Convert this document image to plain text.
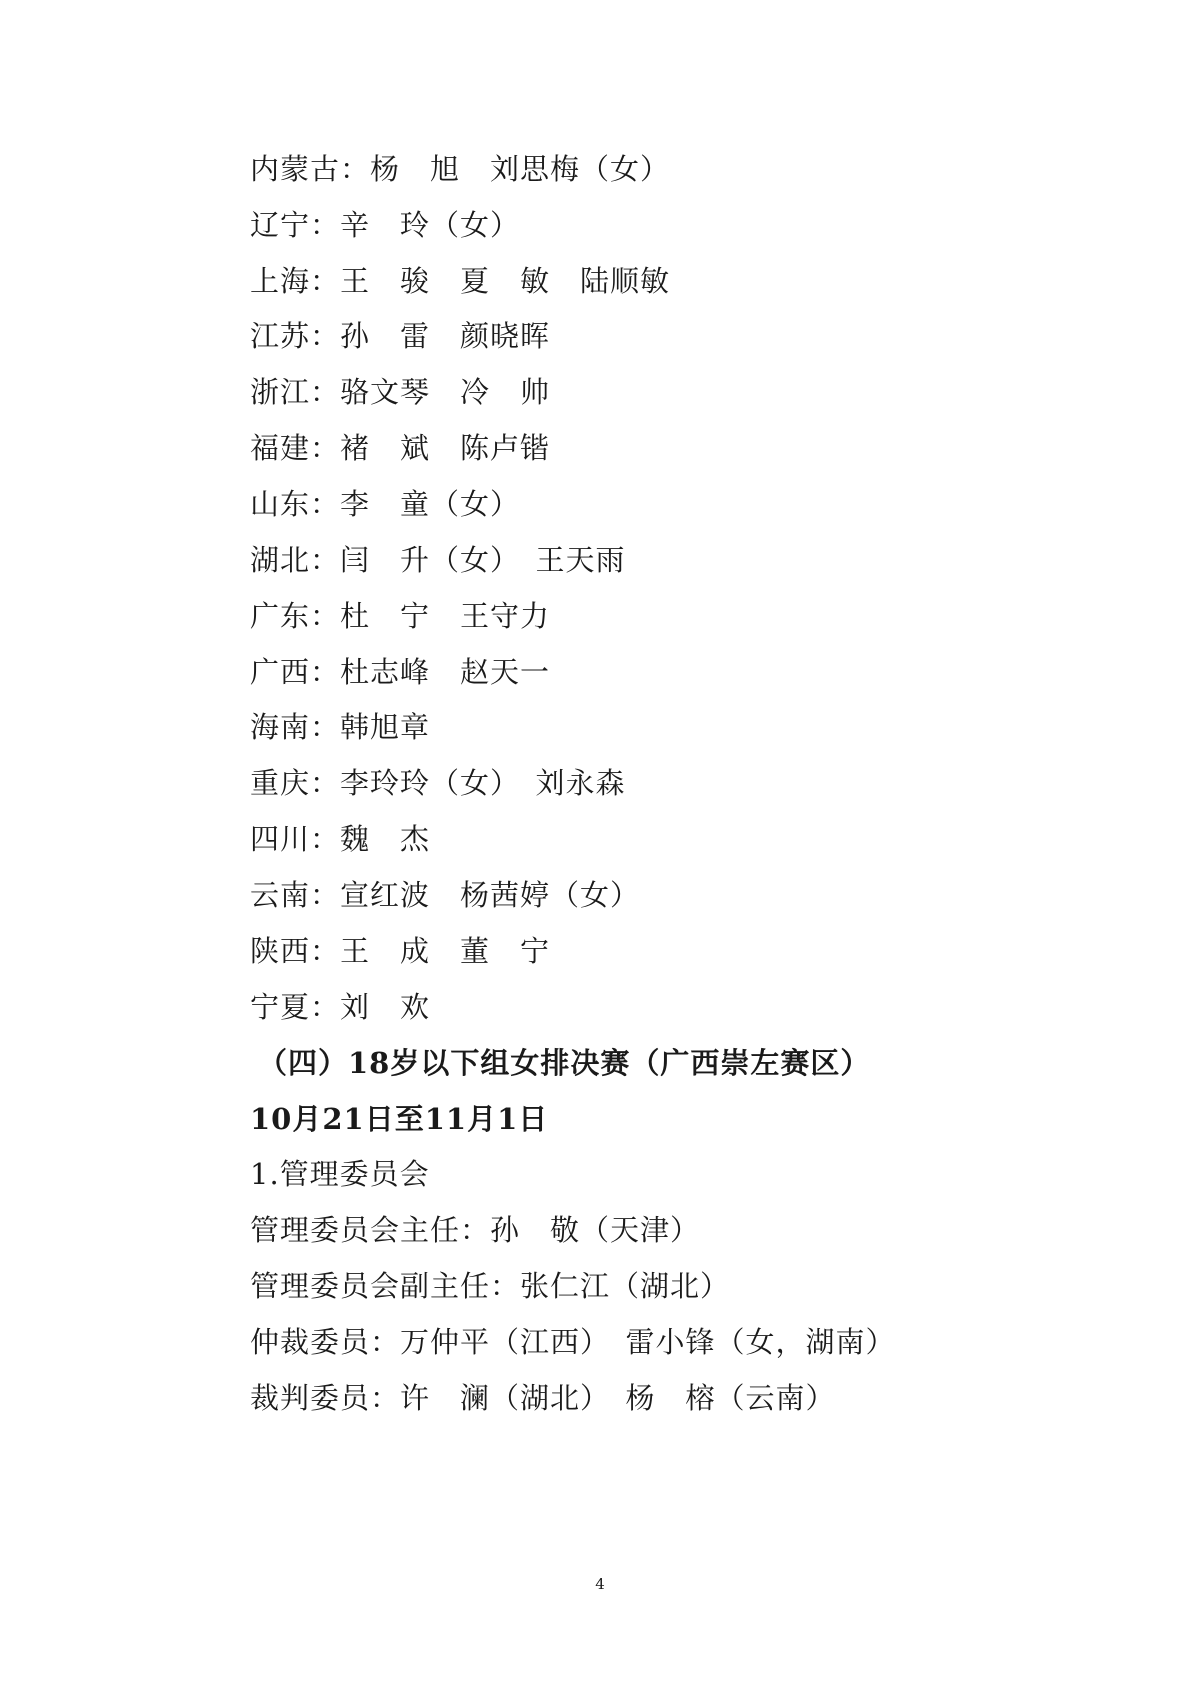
内蒙古：杨　旭　刘思梅（女）
辽宁：辛　玲（女）
上海：王　骏　夏　敏　陆顺敏
江苏：孙　雷　颜晓晖
浙江：骆文琴　冷　帅
福建：褚　斌　陈卢锴
山东：李　童（女）
湖北：闫　升（女）　王天雨
广东：杜　宁　王守力
广西：杜志峰　赵天一
海南：韩旭章
重庆：李玲玲（女）　刘永森
四川：魏　杰
云南：宣红波　杨茜婷（女）
陕西：王　成　董　宁
宁夏：刘　欢
（四）18岁以下组女排决赛（广西崇左赛区）
10月21日至11月1日
1.管理委员会
管理委员会主任：孙　敬（天津）
管理委员会副主任：张仁江（湖北）
仲裁委员：万仲平（江西）　雷小锋（女，湖南）
裁判委员：许　澜（湖北）　杨　榕（云南）
4
